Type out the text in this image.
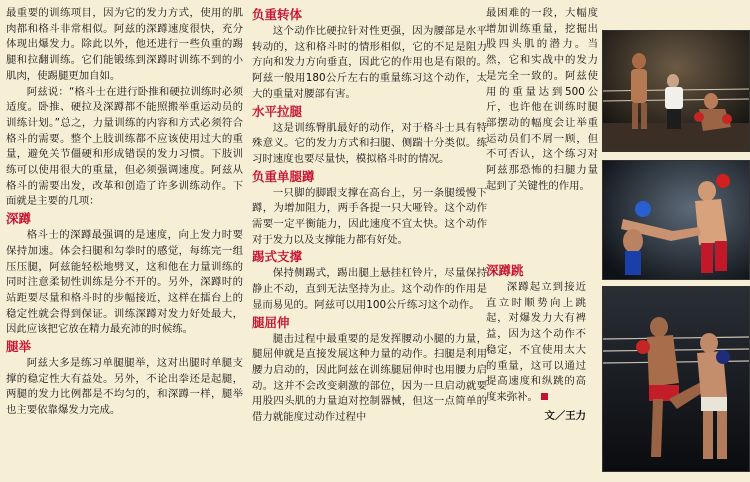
最重要的训练项目，因为它的发力方式，使用的肌肉都和格斗非常相似。阿兹的深蹲速度很快，充分体现出爆发力。除此以外，他还进行一些负重的踢腿和拉翻训练。它们能锻练到深蹲时训练不到的小肌肉，使踢腿更加自如。

阿兹说：“格斗士在进行卧推和硬拉训练时必须适度。卧推、硬拉及深蹲都不能照搬举重运动员的训练计划。”总之，力量训练的内容和方式必须符合格斗的需要。整个上肢训练都不应该使用过大的重量，避免关节僵硬和形成错误的发力习惯。下肢训练可以使用很大的重量，但必须强调速度。阿兹从格斗的需要出发，改革和创造了许多训练动作。下面就是主要的几项：

深蹲

格斗士的深蹲最强调的是速度，向上发力时要保持加速。体会扫腿和勾拳时的感觉，每练完一组压压腿，阿兹能轻松地劈叉，这和他在力量训练的同时注意柔韧性训练是分不开的。另外，深蹲时的站距要尽量和格斗时的步幅接近，这样在擂台上的稳定性就会得到保证。训练深蹲对发力好处最大，因此应该把它放在精力最充沛的时候练。

腿举

阿兹大多是练习单腿腿举，这对出腿时单腿支撑的稳定性大有益处。另外，不论出拳还是起腿，两腿的发力比例都是不均匀的，和深蹲一样，腿举也主要依靠爆发力完成。

负重转体

这个动作比硬拉针对性更强，因为腰部是水平转动的，这和格斗时的情形相似，它的不足是阻力方向和发力方向垂直，因此它的作用也是有限的。阿兹一般用180公斤左右的重量练习这个动作，太大的重量对腰部有害。

水平拉腿

这是训练臀肌最好的动作，对于格斗士具有特殊意义。它的发力方式和扫腿、侧踹十分类似。练习时速度也要尽量快，模拟格斗时的情况。

负重单腿蹲

一只脚的脚跟支撑在高台上，另一条腿缓慢下蹲，为增加阻力，两手各提一只大哑铃。这个动作需要一定平衡能力，因此速度不宜太快。这个动作对于发力以及支撑能力都有好处。

踢式支撑

保持侧踢式，踢出腿上悬挂杠铃片，尽量保持静止不动，直到无法坚持为止。这个动作的作用是显而易见的。阿兹可以用100公斤练习这个动作。

腿屈伸

腿击过程中最重要的是发挥腰动小腿的力量，腿屈伸就是直接发展这种力量的动作。扫腿是利用腰力启动的，因此阿兹在训练腿屈伸时也用腰力启动。这并不会改变刺激的部位，因为一旦启动就要用股四头肌的力量迫对控制器械，但这一点简单的借力就能度过动作过程中

最困难的一段，大幅度增加训练重量，挖掘出股四头肌的潜力。当然，它和实战中的发力是完全一致的。阿兹使用的重量达到500公斤，也许他在训练时腿部摆动的幅度会让举重运动员们不屑一顾，但不可否认，这个练习对阿兹那恐怖的扫腿力量起到了关键性的作用。

深蹲跳

深蹲起立到接近直立时顺势向上跳起，对爆发力大有裨益，因为这个动作不稳定，不宜使用太大的重量，这可以通过提高速度和纵跳的高度来弥补。

文／王力
